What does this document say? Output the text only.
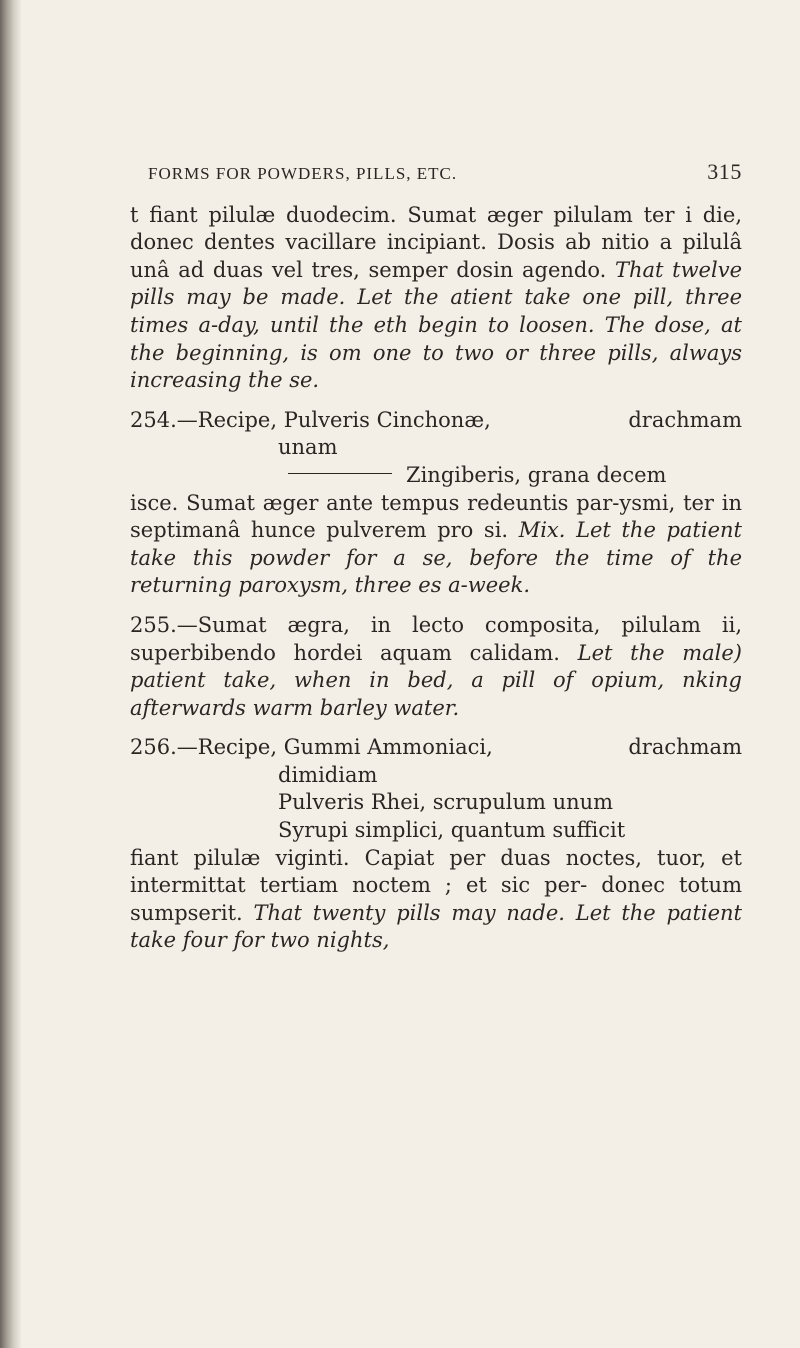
FORMS FOR POWDERS, PILLS, ETC.	315

t fiant pilulæ duodecim. Sumat æger pilulam ter i die, donec dentes vacillare incipiant. Dosis ab nitio a pilulâ unâ ad duas vel tres, semper dosin agendo. That twelve pills may be made. Let the atient take one pill, three times a-day, until the eth begin to loosen. The dose, at the beginning, is om one to two or three pills, always increasing the se.

254.—Recipe, Pulveris Cinchonæ,	drachmam
unam
Zingiberis, grana decem

isce. Sumat æger ante tempus redeuntis par-ysmi, ter in septimanâ hunce pulverem pro si. Mix. Let the patient take this powder for a se, before the time of the returning paroxysm, three es a-week.

255.—Sumat ægra, in lecto composita, pilulam ii, superbibendo hordei aquam calidam. Let the male) patient take, when in bed, a pill of opium, nking afterwards warm barley water.

256.—Recipe, Gummi Ammoniaci,	drachmam
dimidiam
Pulveris Rhei, scrupulum unum
Syrupi simplici, quantum sufficit

fiant pilulæ viginti. Capiat per duas noctes, tuor, et intermittat tertiam noctem ; et sic per- donec totum sumpserit. That twenty pills may nade. Let the patient take four for two nights,
